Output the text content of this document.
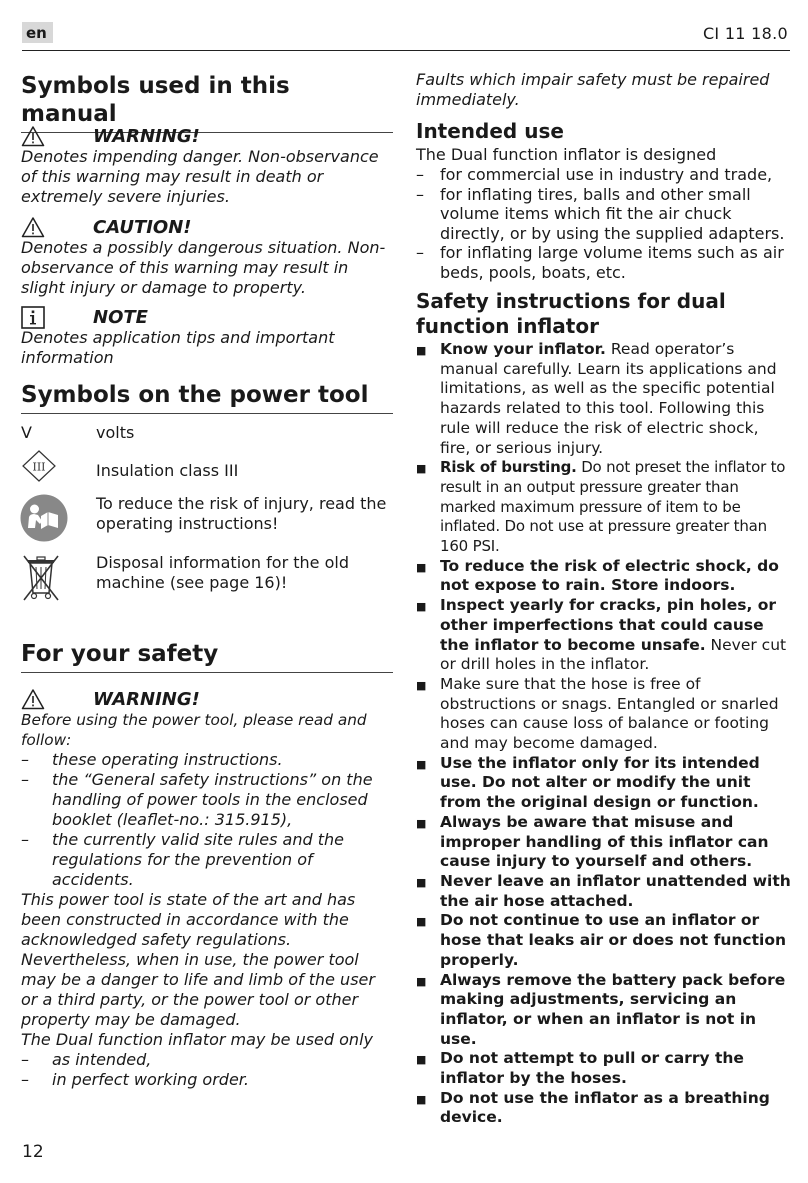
en	CI 11 18.0
Symbols used in this manual
WARNING!
Denotes impending danger. Non-observance of this warning may result in death or extremely severe injuries.
CAUTION!
Denotes a possibly dangerous situation. Non-observance of this warning may result in slight injury or damage to property.
NOTE
Denotes application tips and important information
Symbols on the power tool
V	volts
III	Insulation class III
To reduce the risk of injury, read the operating instructions!
Disposal information for the old machine (see page 16)!
For your safety
WARNING!
Before using the power tool, please read and follow:
–	these operating instructions.
–	the “General safety instructions” on the handling of power tools in the enclosed booklet (leaflet-no.: 315.915),
–	the currently valid site rules and the regulations for the prevention of accidents.
This power tool is state of the art and has been constructed in accordance with the acknowledged safety regulations.
Nevertheless, when in use, the power tool may be a danger to life and limb of the user or a third party, or the power tool or other property may be damaged.
The Dual function inflator may be used only
–	as intended,
–	in perfect working order.
Faults which impair safety must be repaired immediately.
Intended use

The Dual function inflator is designed

–	for commercial use in industry and trade,
–	for inflating tires, balls and other small volume items which fit the air chuck directly, or by using the supplied adapters.
–	for inflating large volume items such as air beds, pools, boats, etc.
Safety instructions for dual function inflator
■ Know your inflator. Read operator’s manual carefully. Learn its applications and limitations, as well as the specific potential hazards related to this tool. Following this rule will reduce the risk of electric shock, fire, or serious injury.
■ Risk of bursting. Do not preset the inflator to result in an output pressure greater than marked maximum pressure of item to be inflated. Do not use at pressure greater than 160 PSI.
■ To reduce the risk of electric shock, do not expose to rain. Store indoors.
■ Inspect yearly for cracks, pin holes, or other imperfections that could cause the inflator to become unsafe. Never cut or drill holes in the inflator.
■ Make sure that the hose is free of obstructions or snags. Entangled or snarled hoses can cause loss of balance or footing and may become damaged.
■ Use the inflator only for its intended use. Do not alter or modify the unit from the original design or function.
■ Always be aware that misuse and improper handling of this inflator can cause injury to yourself and others.
■ Never leave an inflator unattended with the air hose attached.
■ Do not continue to use an inflator or hose that leaks air or does not function properly.
■ Always remove the battery pack before making adjustments, servicing an inflator, or when an inflator is not in use.
■ Do not attempt to pull or carry the inflator by the hoses.
■ Do not use the inflator as a breathing device.
12
